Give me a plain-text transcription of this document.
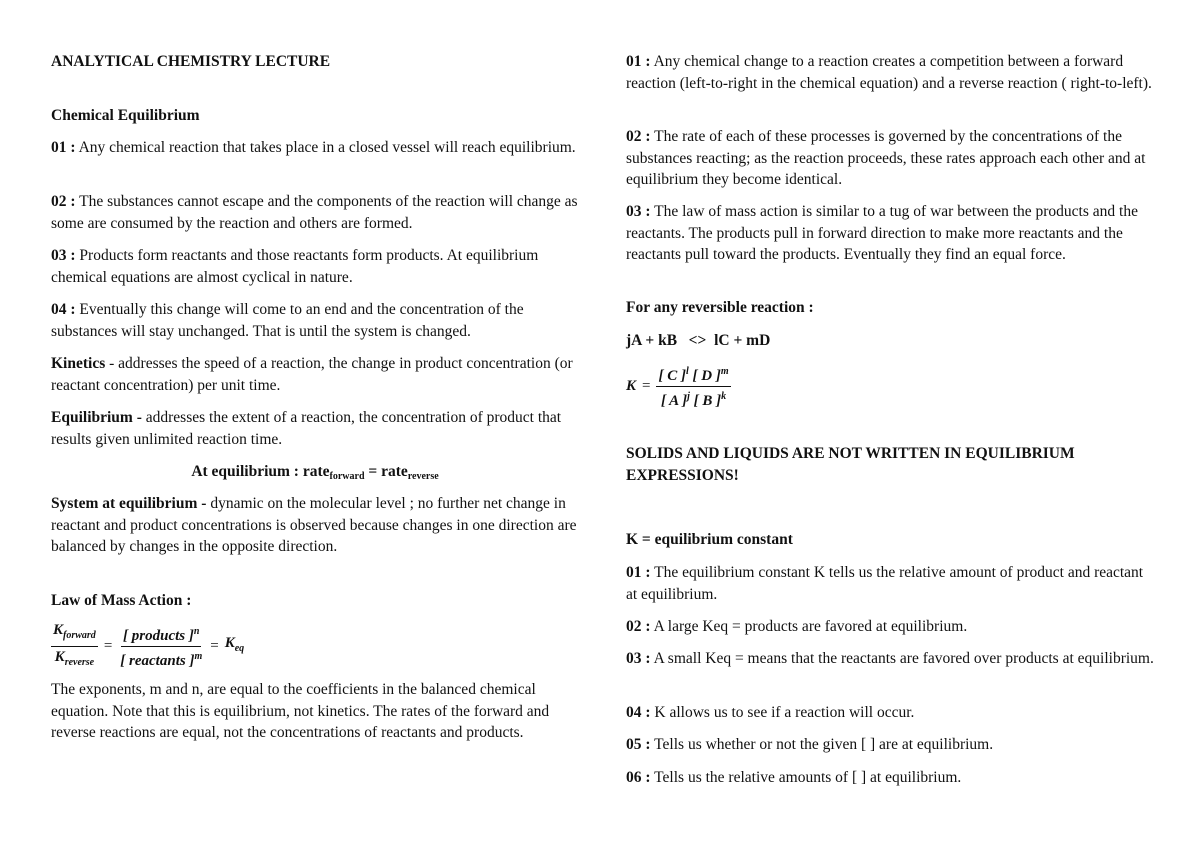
ANALYTICAL CHEMISTRY LECTURE
Chemical Equilibrium

01 : Any chemical reaction that takes place in a closed vessel will reach equilibrium.

02 : The substances cannot escape and the components of the reaction will change as some are consumed by the reaction and others are formed.

03 : Products form reactants and those reactants form products. At equilibrium chemical equations are almost cyclical in nature.

04 : Eventually this change will come to an end and the concentration of the substances will stay unchanged. That is until the system is changed.

Kinetics - addresses the speed of a reaction, the change in product concentration (or reactant concentration) per unit time.

Equilibrium - addresses the extent of a reaction, the concentration of product that results given unlimited reaction time.

At equilibrium : rateforward = ratereverse

System at equilibrium - dynamic on the molecular level ; no further net change in reactant and product concentrations is observed because changes in one direction are balanced by changes in the opposite direction.

Law of Mass Action :
$\frac{K_{forward}}{K_{reverse}} = \frac{[ products ]^n}{[ reactants ]^m} = K_{eq}$

The exponents, m and n, are equal to the coefficients in the balanced chemical equation. Note that this is equilibrium, not kinetics. The rates of the forward and reverse reactions are equal, not the concentrations of reactants and products.

01 : Any chemical change to a reaction creates a competition between a forward reaction (left-to-right in the chemical equation) and a reverse reaction ( right-to-left).

02 : The rate of each of these processes is governed by the concentrations of the substances reacting; as the reaction proceeds, these rates approach each other and at equilibrium they become identical.

03 : The law of mass action is similar to a tug of war between the products and the reactants. The products pull in forward direction to make more reactants and the reactants pull toward the products. Eventually they find an equal force.

For any reversible reaction :
jA + kB   <>  lC + mD
$K = \frac{[ C ]^l [ D ]^m}{[ A ]^j [ B ]^k}$
SOLIDS AND LIQUIDS ARE NOT WRITTEN IN EQUILIBRIUM EXPRESSIONS!
K = equilibrium constant

01 : The equilibrium constant K tells us the relative amount of product and reactant at equilibrium.

02 : A large Keq = products are favored at equilibrium.

03 : A small Keq = means that the reactants are favored over products at equilibrium.

04 : K allows us to see if a reaction will occur.

05 : Tells us whether or not the given [ ] are at equilibrium.

06 : Tells us the relative amounts of [ ] at equilibrium.
